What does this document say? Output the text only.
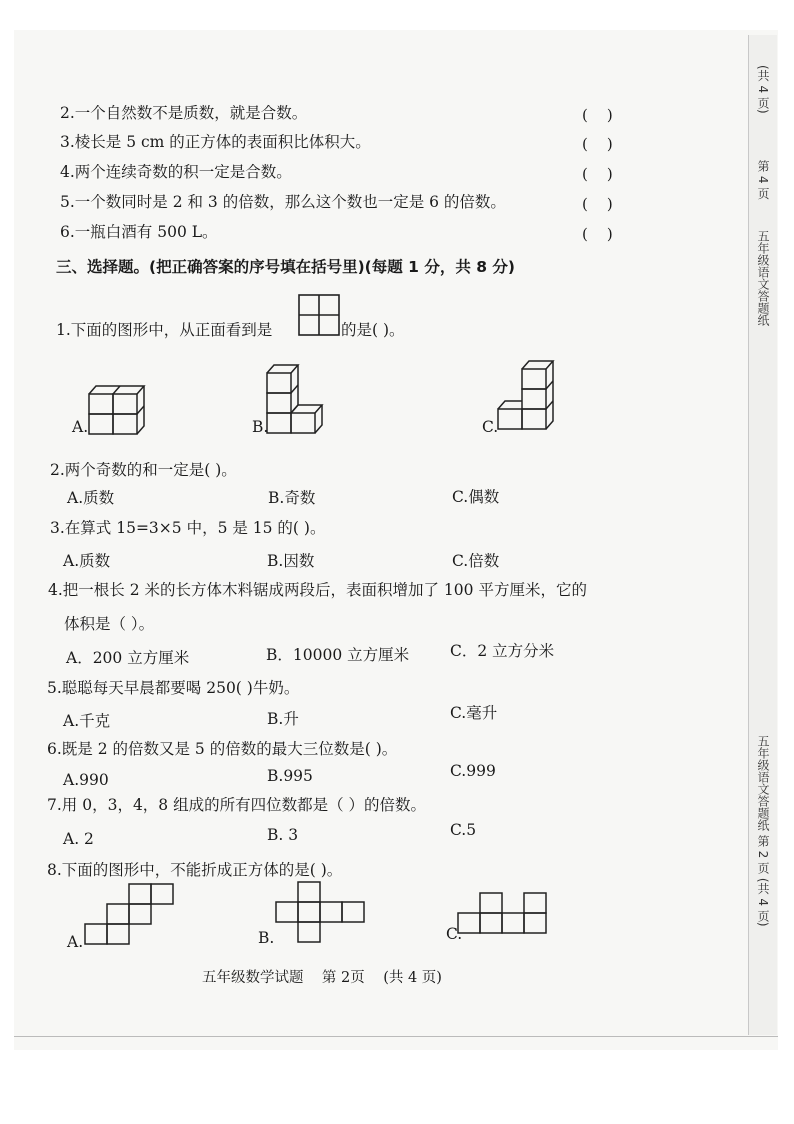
(共 4 页)
第 4 页
五年级语文答题纸
五年级语文答题纸 第 2 页 (共 4 页)
2.一个自然数不是质数，就是合数。	(    )
3.棱长是 5 cm 的正方体的表面积比体积大。	(    )
4.两个连续奇数的积一定是合数。	(    )
5.一个数同时是 2 和 3 的倍数，那么这个数也一定是 6 的倍数。	(    )
6.一瓶白酒有 500 L。	(    )
三、选择题。(把正确答案的序号填在括号里)(每题 1 分，共 8 分)
1.下面的图形中，从正面看到是	的是( )。
A.	B.	C.
2.两个奇数的和一定是( )。
A.质数	B.奇数	C.偶数
3.在算式 15=3×5 中，5 是 15 的( )。
A.质数	B.因数	C.倍数
4.把一根长 2 米的长方体木料锯成两段后，表面积增加了 100 平方厘米，它的
体积是（ ）。
A．200 立方厘米	B．10000 立方厘米	C．2 立方分米
5.聪聪每天早晨都要喝 250( )牛奶。
A.千克	B.升	C.毫升
6.既是 2 的倍数又是 5 的倍数的最大三位数是( )。
A.990	B.995	C.999
7.用 0，3，4，8 组成的所有四位数都是（ ）的倍数。
A. 2	B. 3	C.5
8.下面的图形中，不能折成正方体的是( )。
A.	B.	C.
五年级数学试题    第 2页    (共 4 页)
